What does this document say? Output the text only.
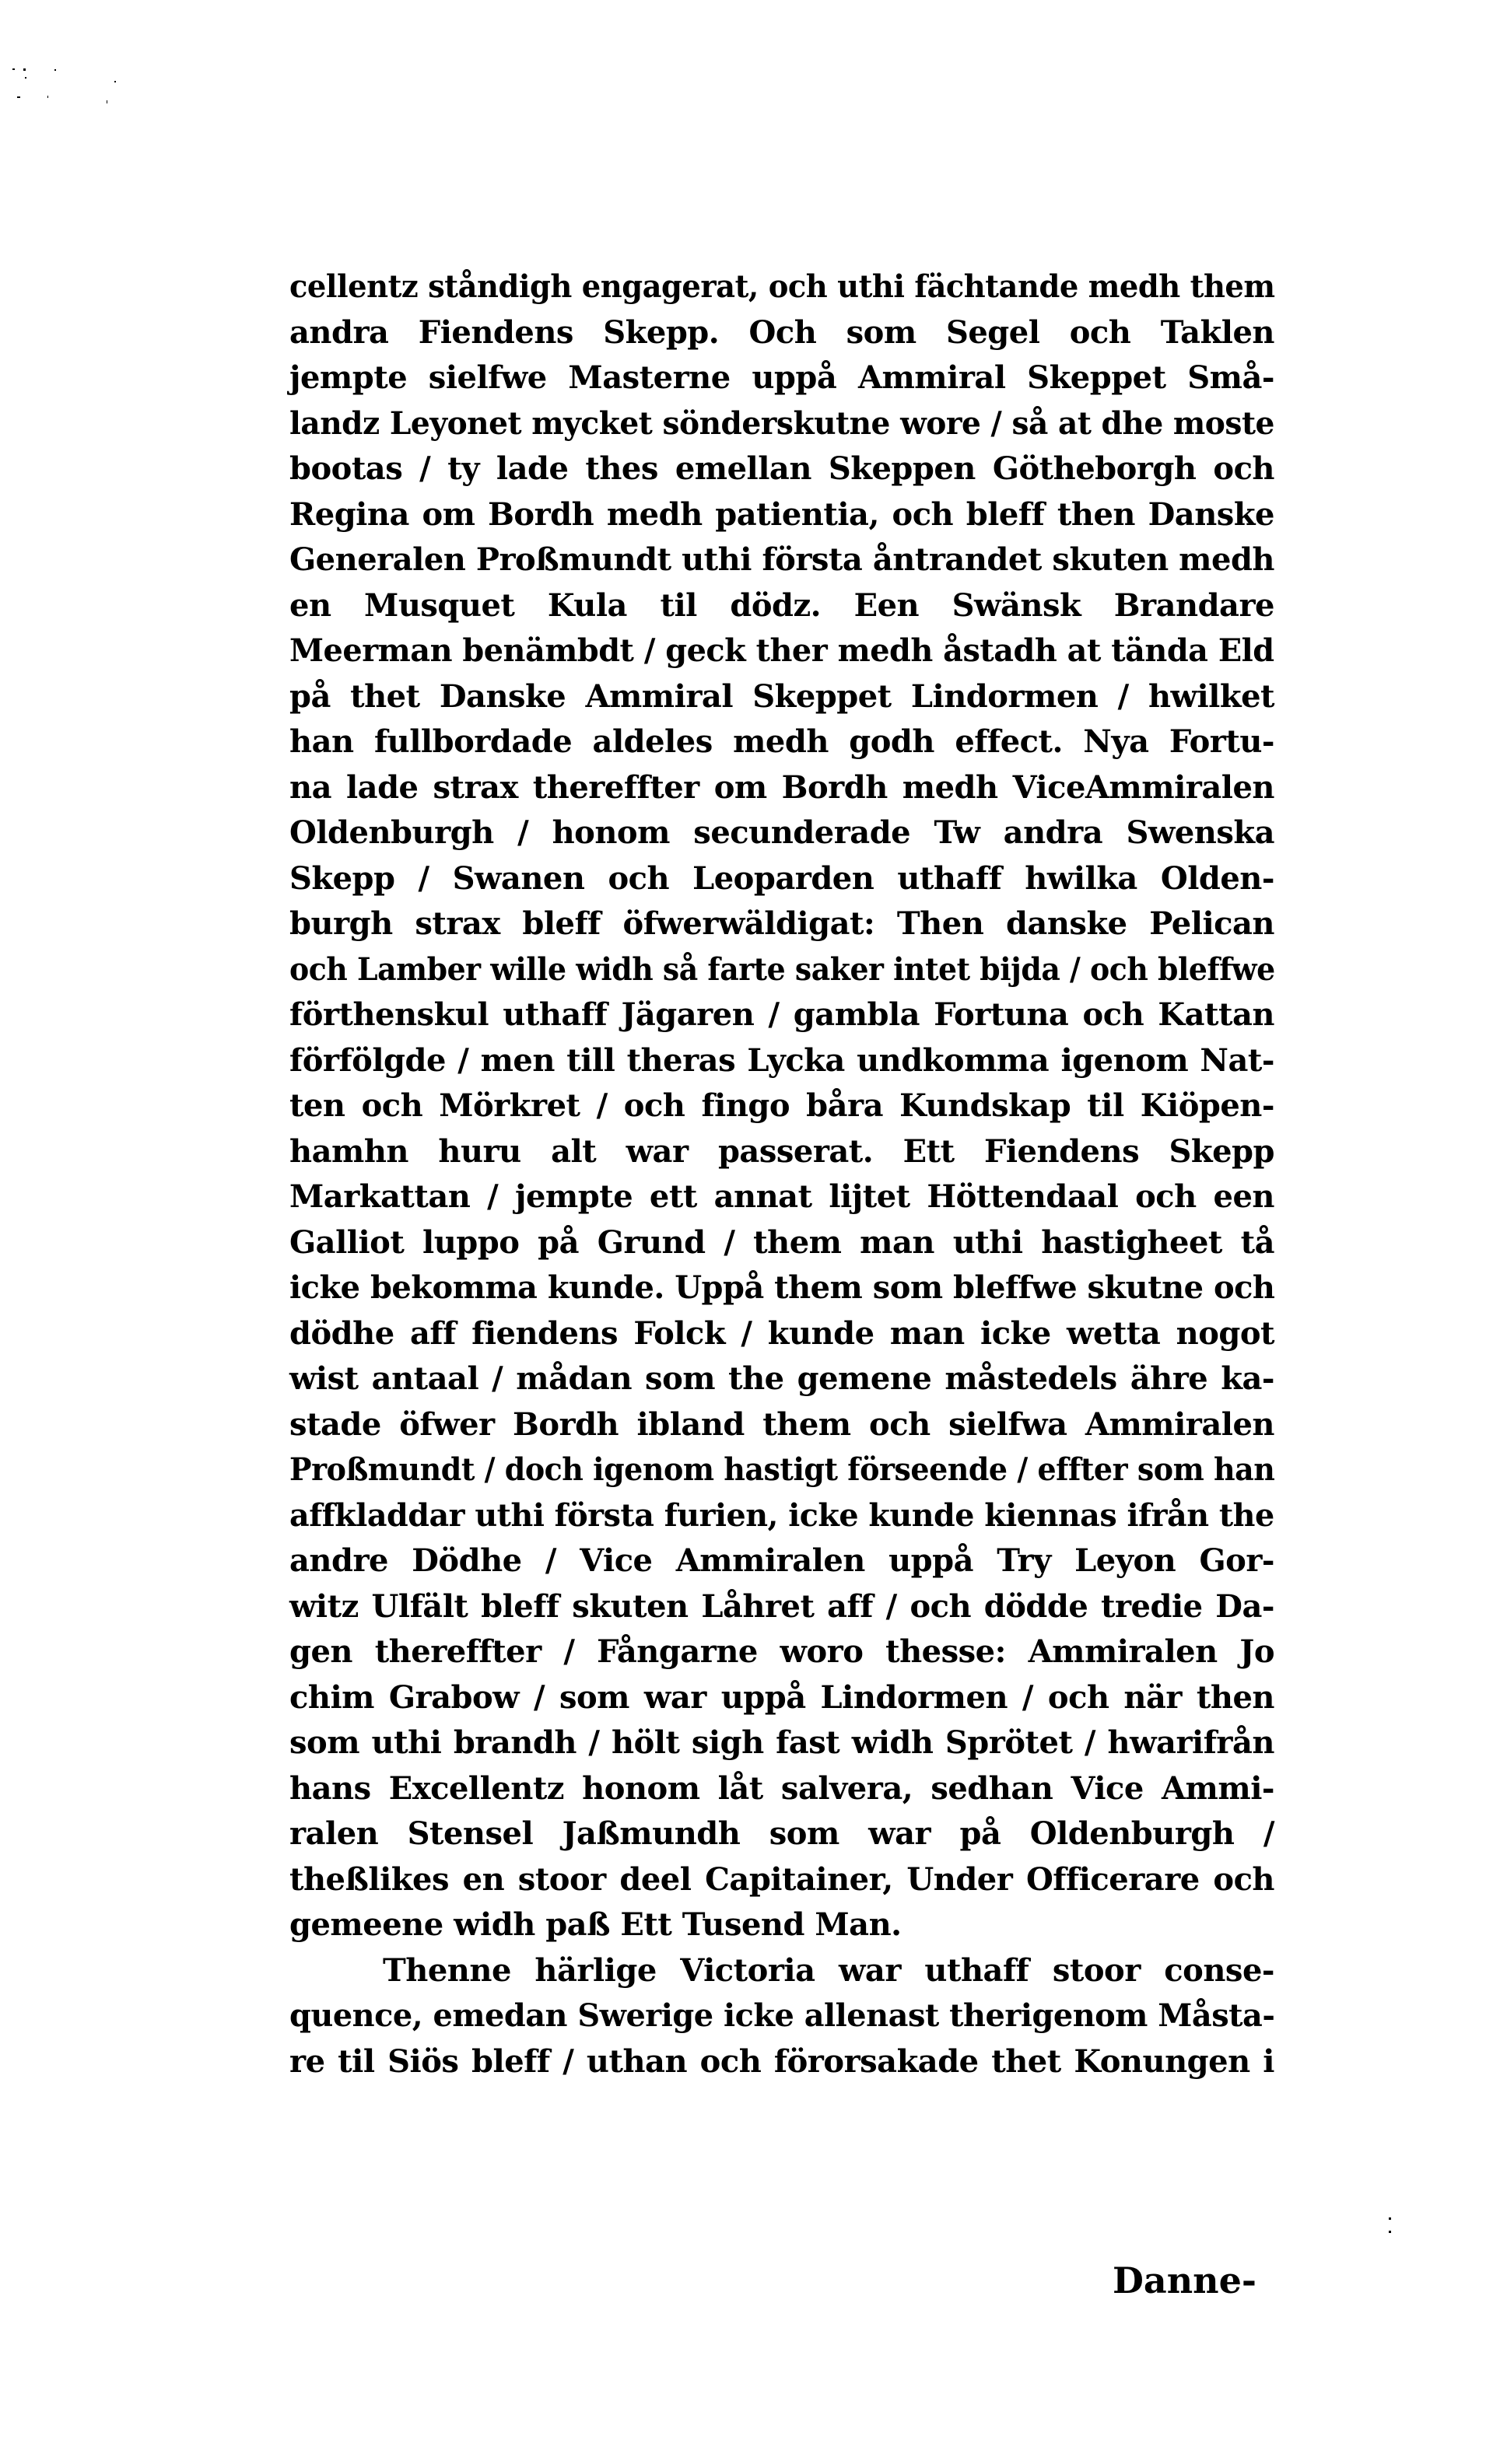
cellentz ståndigh engagerat, och uthi fächtande medh them
andra Fiendens Skepp. Och som Segel och Taklen
jempte sielfwe Masterne uppå Ammiral Skeppet Små-
landz Leyonet mycket sönderskutne wore / så at dhe moste
bootas / ty lade thes emellan Skeppen Götheborgh och
Regina om Bordh medh patientia, och bleff then Danske
Generalen Proßmundt uthi första åntrandet skuten medh
en Musquet Kula til dödz. Een Swänsk Brandare
Meerman benämbdt / geck ther medh åstadh at tända Eld
på thet Danske Ammiral Skeppet Lindormen / hwilket
han fullbordade aldeles medh godh effect. Nya Fortu-
na lade strax thereffter om Bordh medh ViceAmmiralen
Oldenburgh / honom secunderade Tw andra Swenska
Skepp / Swanen och Leoparden uthaff hwilka Olden-
burgh strax bleff öfwerwäldigat: Then danske Pelican
och Lamber wille widh så farte saker intet bijda / och bleffwe
förthenskul uthaff Jägaren / gambla Fortuna och Kattan
förfölgde / men till theras Lycka undkomma igenom Nat-
ten och Mörkret / och fingo båra Kundskap til Kiöpen-
hamhn huru alt war passerat. Ett Fiendens Skepp
Markattan / jempte ett annat lijtet Höttendaal och een
Galliot luppo på Grund / them man uthi hastigheet tå
icke bekomma kunde. Uppå them som bleffwe skutne och
dödhe aff fiendens Folck / kunde man icke wetta nogot
wist antaal / mådan som the gemene måstedels ähre ka-
stade öfwer Bordh ibland them och sielfwa Ammiralen
Proßmundt / doch igenom hastigt förseende / effter som han
affkladdar uthi första furien, icke kunde kiennas ifrån the
andre Dödhe / Vice Ammiralen uppå Try Leyon Gor-
witz Ulfält bleff skuten Låhret aff / och dödde tredie Da-
gen thereffter / Fångarne woro thesse: Ammiralen Jo
chim Grabow / som war uppå Lindormen / och när then
som uthi brandh / hölt sigh fast widh Sprötet / hwarifrån
hans Excellentz honom låt salvera, sedhan Vice Ammi-
ralen Stensel Jaßmundh som war på Oldenburgh /
theßlikes en stoor deel Capitainer, Under Officerare och
gemeene widh paß Ett Tusend Man.
Thenne härlige Victoria war uthaff stoor conse-
quence, emedan Swerige icke allenast therigenom Måsta-
re til Siös bleff / uthan och förorsakade thet Konungen i
Danne-
